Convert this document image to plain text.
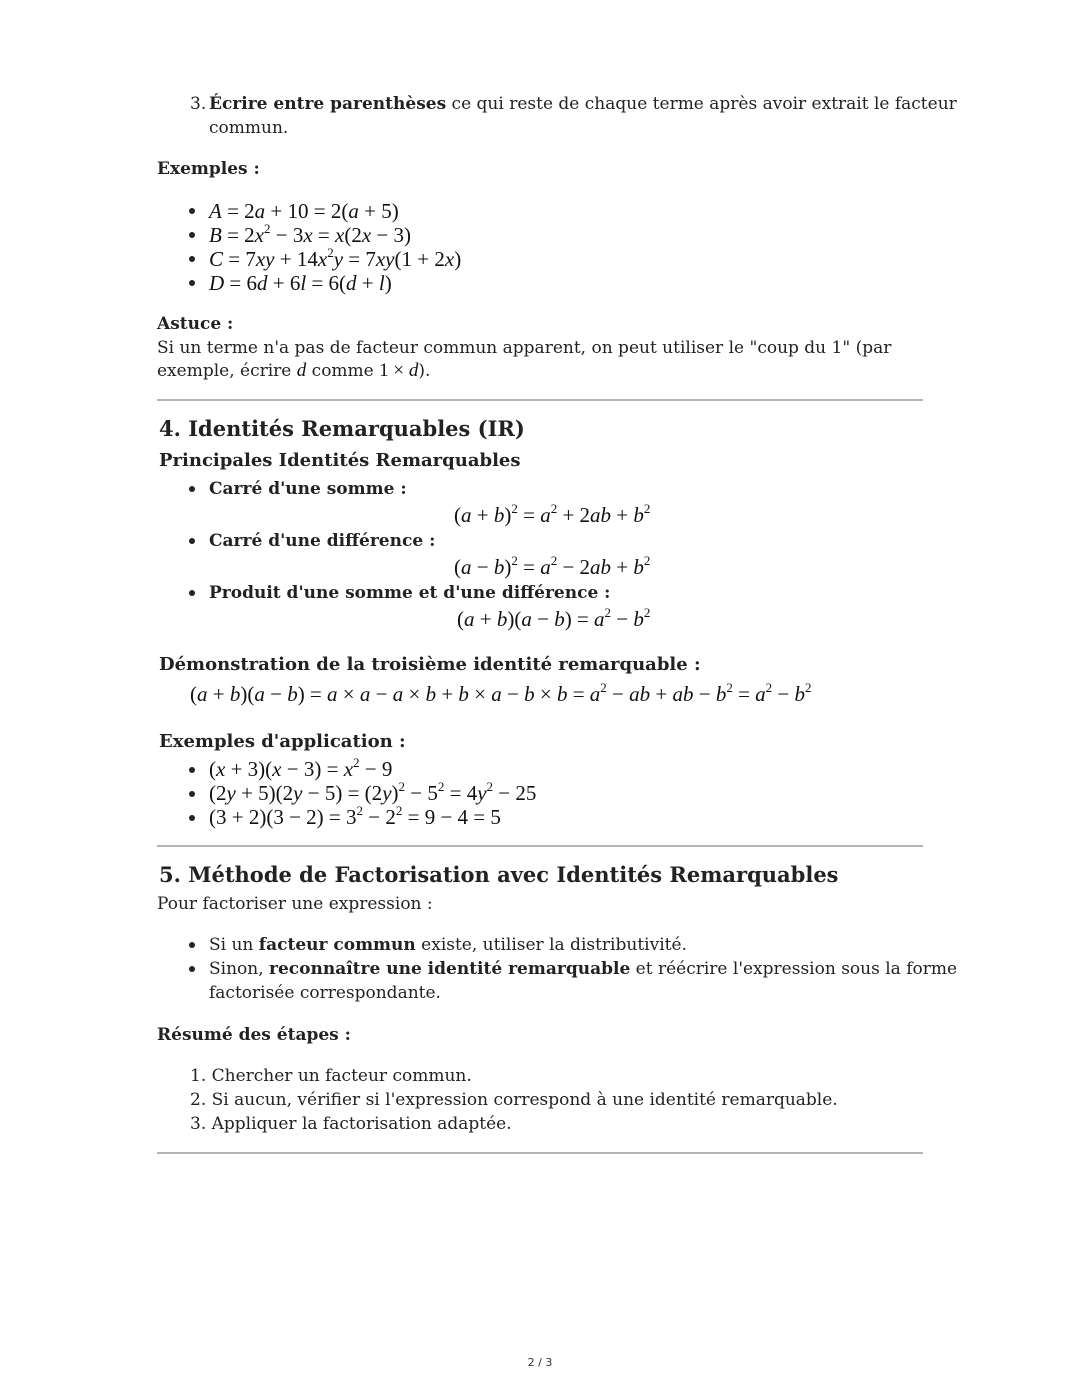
3. Écrire entre parenthèses ce qui reste de chaque terme après avoir extrait le facteur
commun.
Exemples :
A = 2a + 10 = 2(a + 5)
$B = 2x^2 - 3x = x(2x - 3)$
$C = 7xy + 14x^2y = 7xy(1 + 2x)$
D = 6d + 6l = 6(d + l)
Astuce :
Si un terme n'a pas de facteur commun apparent, on peut utiliser le "coup du 1" (par
exemple, écrire d comme 1 × d).
4. Identités Remarquables (IR)
Principales Identités Remarquables
Carré d'une somme :
$(a + b)^2 = a^2 + 2ab + b^2$
Carré d'une différence :
$(a - b)^2 = a^2 - 2ab + b^2$
Produit d'une somme et d'une différence :
$(a + b)(a - b) = a^2 - b^2$
Démonstration de la troisième identité remarquable :
$(a + b)(a - b) = a \times a - a \times b + b \times a - b \times b = a^2$ − ab + ab − $b^2 = a^2 - b^2$
Exemples d'application :
$(x + 3)(x - 3) = x^2 - 9$
$(2y + 5)(2y - 5) = (2y)^2 - 5^2 = 4y^2 - 25$
$(3 + 2)(3 - 2) = 3^2 - 2^2 = 9 - 4 = 5$
5. Méthode de Factorisation avec Identités Remarquables
Pour factoriser une expression :
Si un facteur commun existe, utiliser la distributivité.
Sinon, reconnaître une identité remarquable et réécrire l'expression sous la forme
factorisée correspondante.
Résumé des étapes :
1. Chercher un facteur commun.
2. Si aucun, vérifier si l'expression correspond à une identité remarquable.
3. Appliquer la factorisation adaptée.
2 / 3
